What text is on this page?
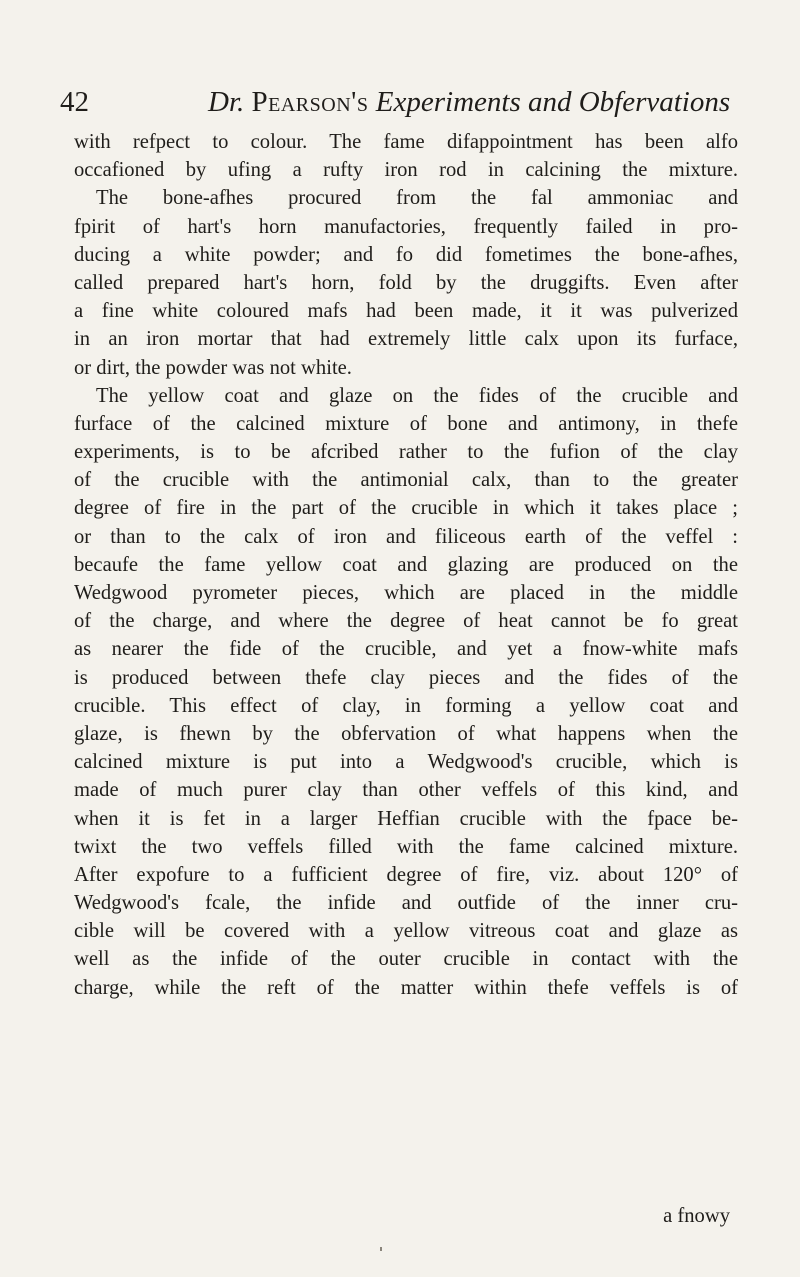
42	Dr. Pearson's Experiments and Obfervations
with refpect to colour. The fame difappointment has been alfo
occafioned by ufing a rufty iron rod in calcining the mixture.
The bone-afhes procured from the fal ammoniac and
fpirit of hart's horn manufactories, frequently failed in pro-
ducing a white powder; and fo did fometimes the bone-afhes,
called prepared hart's horn, fold by the druggifts. Even after
a fine white coloured mafs had been made, it it was pulverized
in an iron mortar that had extremely little calx upon its furface,
or dirt, the powder was not white.
The yellow coat and glaze on the fides of the crucible and
furface of the calcined mixture of bone and antimony, in thefe
experiments, is to be afcribed rather to the fufion of the clay
of the crucible with the antimonial calx, than to the greater
degree of fire in the part of the crucible in which it takes place ;
or than to the calx of iron and filiceous earth of the veffel :
becaufe the fame yellow coat and glazing are produced on the
Wedgwood pyrometer pieces, which are placed in the middle
of the charge, and where the degree of heat cannot be fo great
as nearer the fide of the crucible, and yet a fnow-white mafs
is produced between thefe clay pieces and the fides of the
crucible. This effect of clay, in forming a yellow coat and
glaze, is fhewn by the obfervation of what happens when the
calcined mixture is put into a Wedgwood's crucible, which is
made of much purer clay than other veffels of this kind, and
when it is fet in a larger Heffian crucible with the fpace be-
twixt the two veffels filled with the fame calcined mixture.
After expofure to a fufficient degree of fire, viz. about 120° of
Wedgwood's fcale, the infide and outfide of the inner cru-
cible will be covered with a yellow vitreous coat and glaze as
well as the infide of the outer crucible in contact with the
charge, while the reft of the matter within thefe veffels is of
a fnowy
